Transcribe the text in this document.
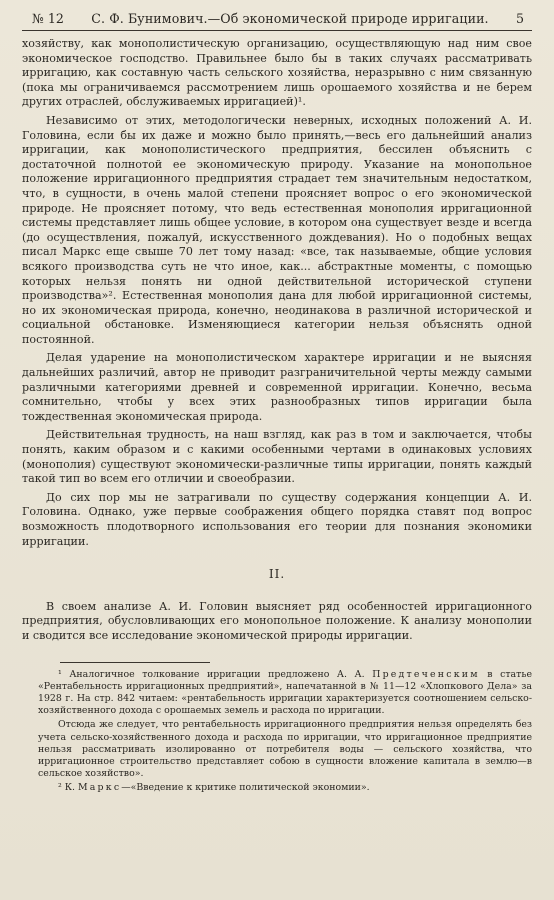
№ 12	С. Ф. Бунимович.—Об экономической природе ирригации.	5

хозяйству, как монополистическую организацию, осуществляющую над ним свое экономическое господство. Правильнее было бы в таких случаях рассматривать ирригацию, как составную часть сельского хозяйства, неразрывно с ним связанную (пока мы ограничиваемся рассмотрением лишь орошаемого хозяйства и не берем других отраслей, обслуживаемых ирригацией)¹.

Независимо от этих, методологически неверных, исходных положений А. И. Головина, если бы их даже и можно было принять,—весь его дальнейший анализ ирригации, как монополистического предприятия, бессилен объяснить с достаточной полнотой ее экономическую природу. Указание на монопольное положение ирригационного предприятия страдает тем значительным недостатком, что, в сущности, в очень малой степени проясняет вопрос о его экономической природе. Не проясняет потому, что ведь естественная монополия ирригационной системы представляет лишь общее условие, в котором она существует везде и всегда (до осуществления, пожалуй, искусственного дождевания). Но о подобных вещах писал Маркс еще свыше 70 лет тому назад: «все, так называемые, общие условия всякого производства суть не что иное, как... абстрактные моменты, с помощью которых нельзя понять ни одной действительной исторической ступени производства»². Естественная монополия дана для любой ирригационной системы, но их экономическая природа, конечно, неодинакова в различной исторической и социальной обстановке. Изменяющиеся категории нельзя объяснять одной постоянной.

Делая ударение на монополистическом характере ирригации и не выясняя дальнейших различий, автор не приводит разграничительной черты между самыми различными категориями древней и современной ирригации. Конечно, весьма сомнительно, чтобы у всех этих разнообразных типов ирригации была тождественная экономическая природа.

Действительная трудность, на наш взгляд, как раз в том и заключается, чтобы понять, каким образом и с какими особенными чертами в одинаковых условиях (монополия) существуют экономически-различные типы ирригации, понять каждый такой тип во всем его отличии и своеобразии.

До сих пор мы не затрагивали по существу содержания концепции А. И. Головина. Однако, уже первые соображения общего порядка ставят под вопрос возможность плодотворного использования его теории для познания экономики ирригации.

II.

В своем анализе А. И. Головин выясняет ряд особенностей ирригационного предприятия, обусловливающих его монопольное положение. К анализу монополии и сводится все исследование экономической природы ирригации.

¹ Аналогичное толкование ирригации предложено А. А. Предтеченским в статье «Рентабельность ирригационных предприятий», напечатанной в № 11—12 «Хлопкового Дела» за 1928 г. На стр. 842 читаем: «рентабельность ирригации характеризуется соотношением сельско-хозяйственного дохода с орошаемых земель и расхода по ирригации.

Отсюда же следует, что рентабельность ирригационного предприятия нельзя определять без учета сельско-хозяйственного дохода и расхода по ирригации, что ирригационное предприятие нельзя рассматривать изолированно от потребителя воды — сельского хозяйства, что ирригационное строительство представляет собою в сущности вложение капитала в землю—в сельское хозяйство».

² К. Маркс—«Введение к критике политической экономии».
